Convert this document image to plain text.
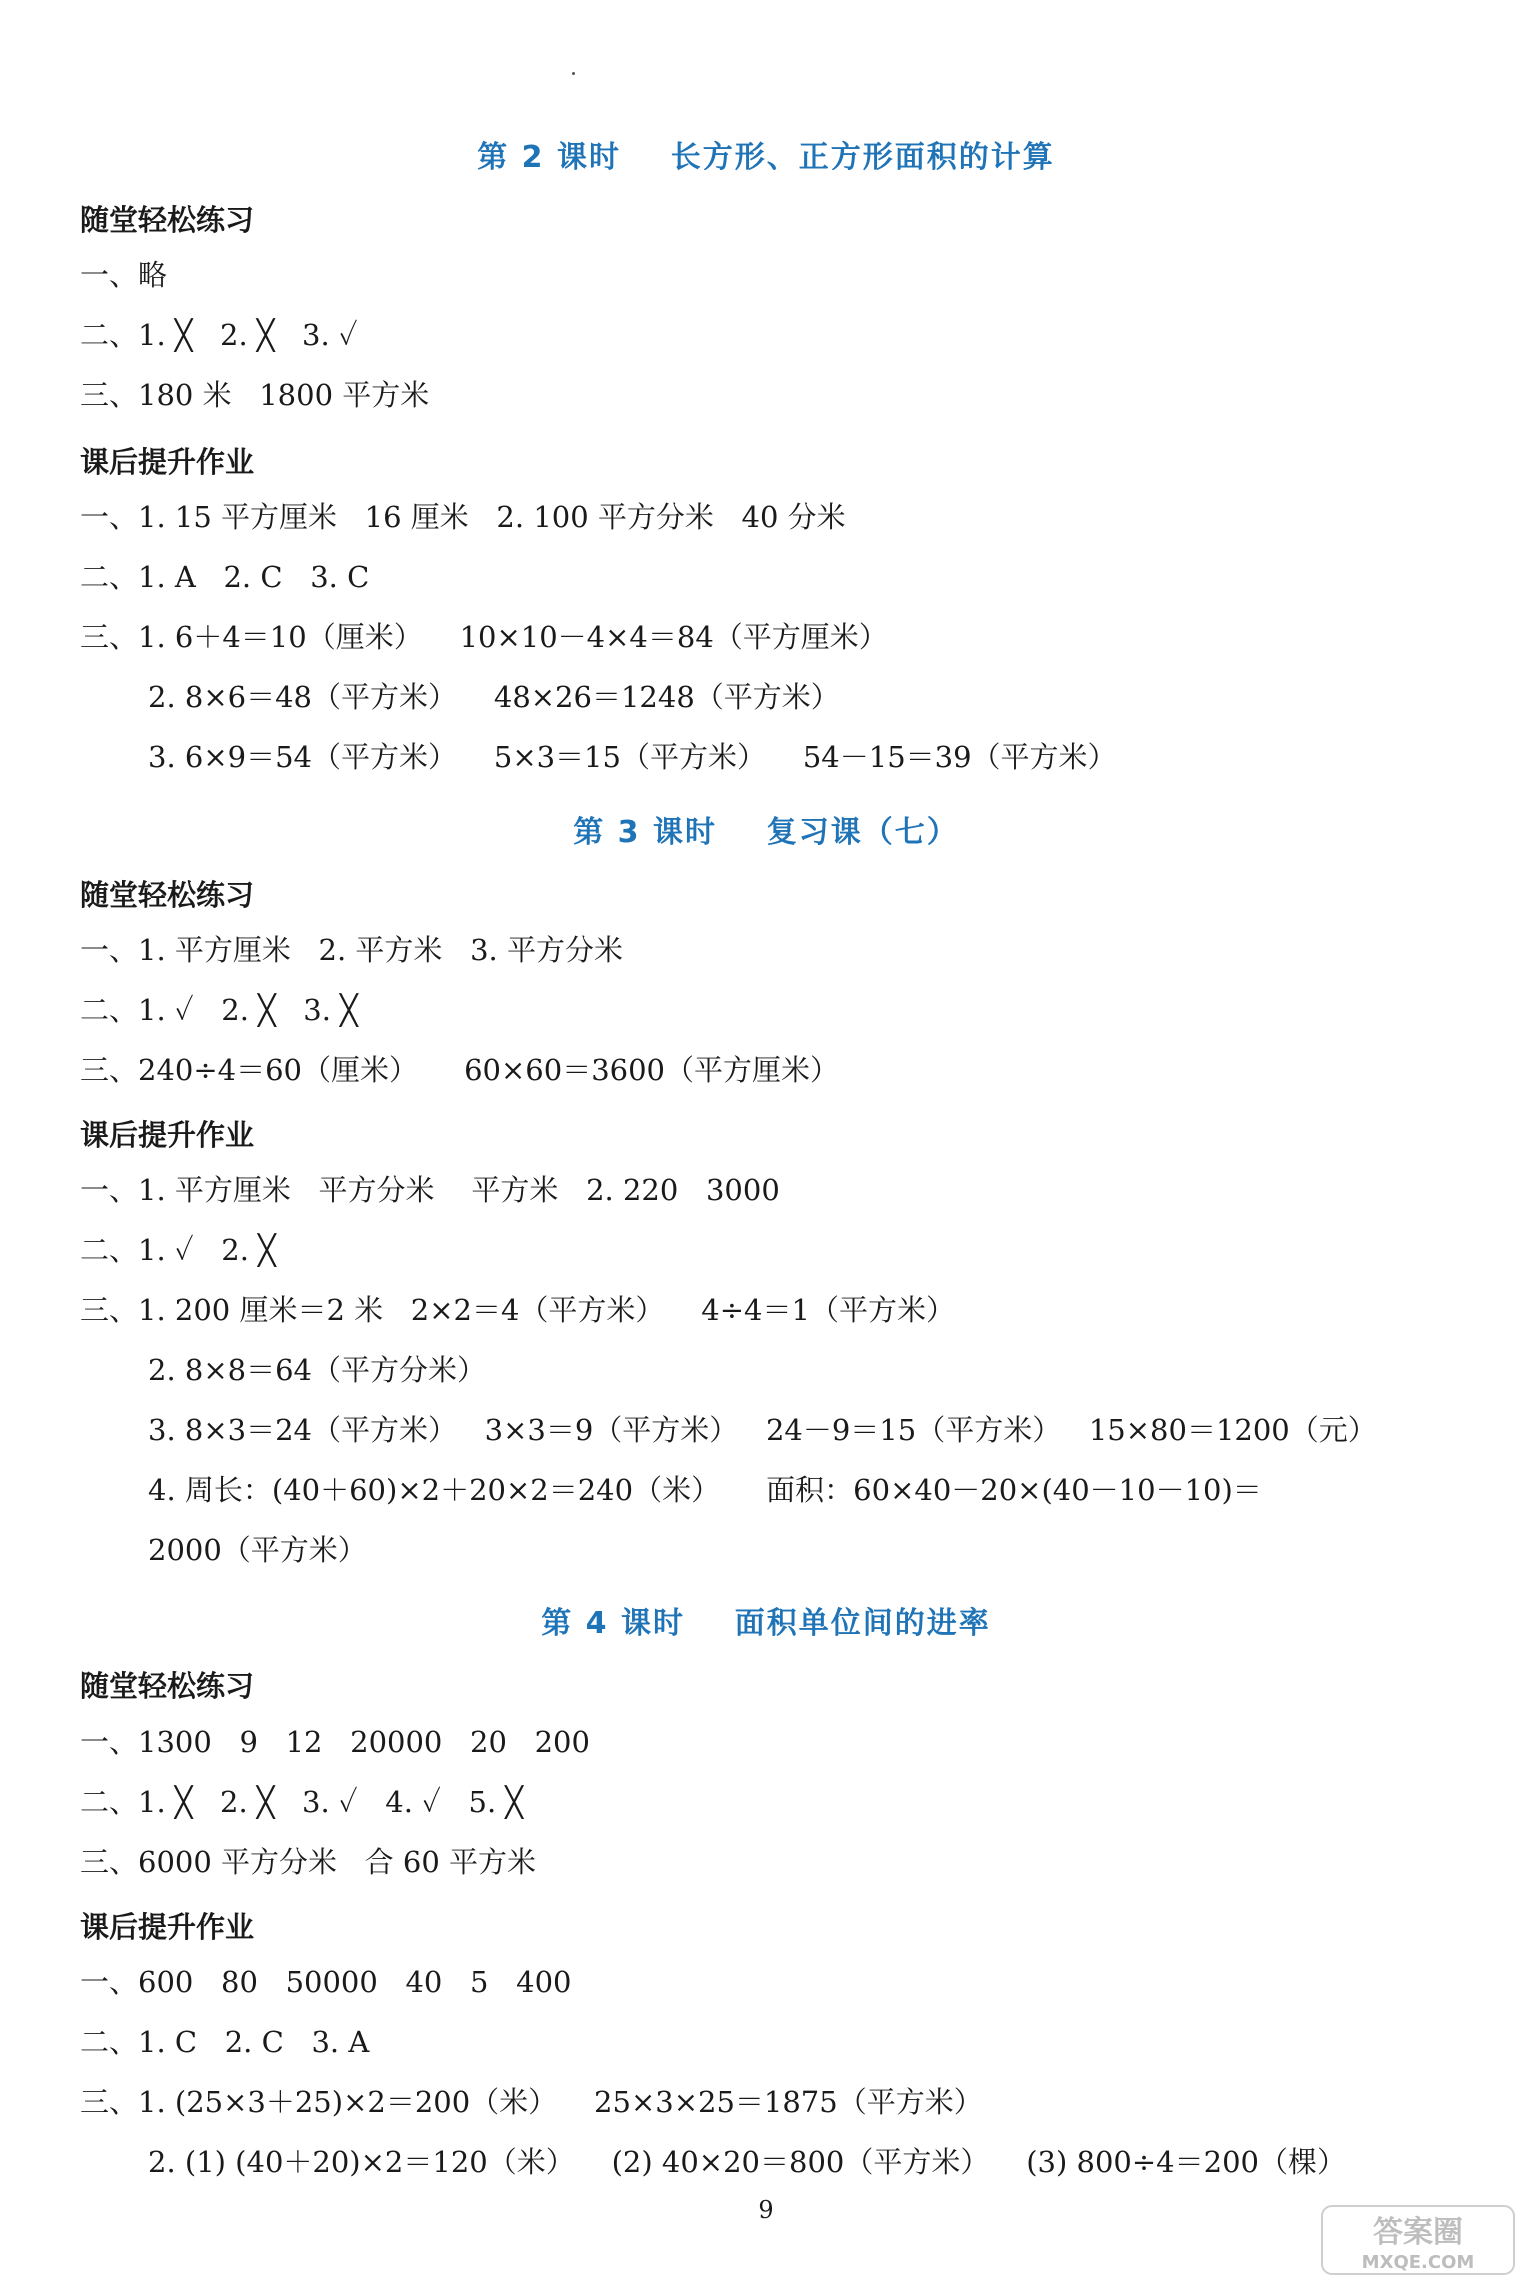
第 2 课时    长方形、正方形面积的计算
随堂轻松练习
一、略
二、1. ╳   2. ╳   3. ✓
三、180 米   1800 平方米
课后提升作业
一、1. 15 平方厘米   16 厘米   2. 100 平方分米   40 分米
二、1. A   2. C   3. C
三、1. 6＋4＝10（厘米）    10×10－4×4＝84（平方厘米）
2. 8×6＝48（平方米）    48×26＝1248（平方米）
3. 6×9＝54（平方米）    5×3＝15（平方米）    54－15＝39（平方米）
第 3 课时    复习课（七）
随堂轻松练习
一、1. 平方厘米   2. 平方米   3. 平方分米
二、1. ✓   2. ╳   3. ╳
三、240÷4＝60（厘米）     60×60＝3600（平方厘米）
课后提升作业
一、1. 平方厘米   平方分米    平方米   2. 220   3000
二、1. ✓   2. ╳
三、1. 200 厘米＝2 米   2×2＝4（平方米）    4÷4＝1（平方米）
2. 8×8＝64（平方分米）
3. 8×3＝24（平方米）   3×3＝9（平方米）   24－9＝15（平方米）   15×80＝1200（元）
4. 周长：(40＋60)×2＋20×2＝240（米）     面积：60×40－20×(40－10－10)＝
2000（平方米）
第 4 课时    面积单位间的进率
随堂轻松练习
一、1300   9   12   20000   20   200
二、1. ╳   2. ╳   3. ✓   4. ✓   5. ╳
三、6000 平方分米   合 60 平方米
课后提升作业
一、600   80   50000   40   5   400
二、1. C   2. C   3. A
三、1. (25×3＋25)×2＝200（米）    25×3×25＝1875（平方米）
2. (1) (40＋20)×2＝120（米）    (2) 40×20＝800（平方米）    (3) 800÷4＝200（棵）
9
答案圈
MXQE.COM
